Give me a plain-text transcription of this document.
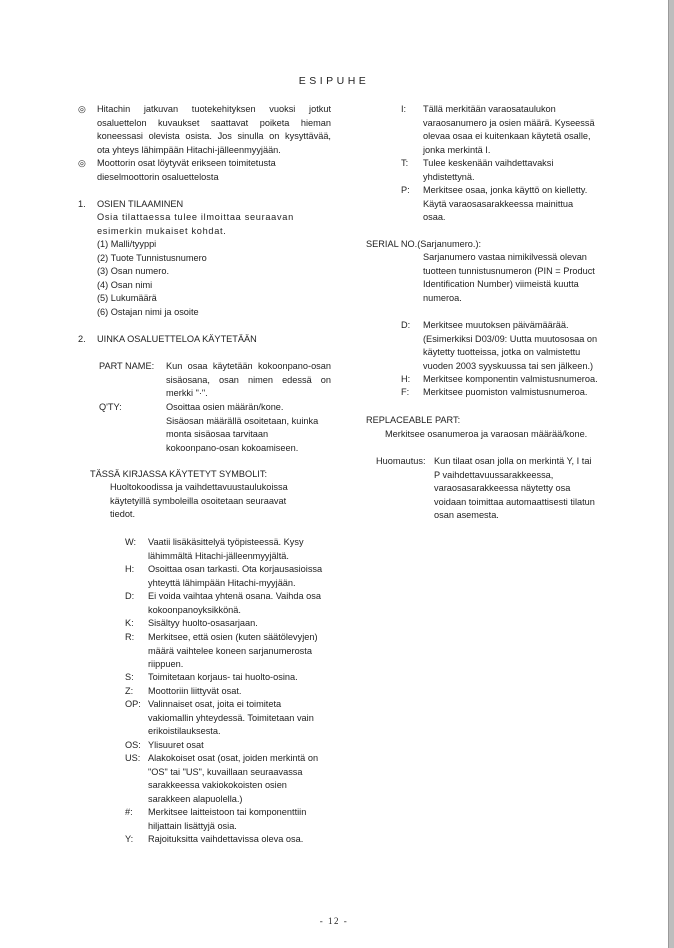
ESIPUHE
◎ Hitachin jatkuvan tuotekehityksen vuoksi jotkut
osaluettelon kuvaukset saattavat poiketa hieman
koneessasi olevista osista. Jos sinulla on kysyttävää,
ota yhteys lähimpään Hitachi-jälleenmyyjään.
◎ Moottorin osat löytyvät erikseen toimitetusta
dieselmoottorin osaluettelosta
1. OSIEN TILAAMINEN
Osia tilattaessa tulee ilmoittaa seuraavan
esimerkin mukaiset kohdat.
(1) Malli/tyyppi
(2) Tuote Tunnistusnumero
(3) Osan numero.
(4) Osan nimi
(5) Lukumäärä
(6) Ostajan nimi ja osoite
2. UINKA OSALUETTELOA KÄYTETÄÄN
PART NAME: Kun osaa käytetään kokoonpano-osan
sisäosana, osan nimen edessä on
merkki "·".
Q'TY:	Osoittaa osien määrän/kone.
Sisäosan määrällä osoitetaan, kuinka
monta sisäosaa tarvitaan
kokoonpano-osan kokoamiseen.
TÄSSÄ KIRJASSA KÄYTETYT SYMBOLIT:
Huoltokoodissa ja vaihdettavuustaulukoissa
käytetyillä symboleilla osoitetaan seuraavat
tiedot.
W: Vaatii lisäkäsittelyä työpisteessä. Kysy
lähimmältä Hitachi-jälleenmyyjältä.
H: Osoittaa osan tarkasti. Ota korjausasioissa
yhteyttä lähimpään Hitachi-myyjään.
D: Ei voida vaihtaa yhtenä osana. Vaihda osa
kokoonpanoyksikkönä.
K: Sisältyy huolto-osasarjaan.
R: Merkitsee, että osien (kuten säätölevyjen)
määrä vaihtelee koneen sarjanumerosta
riippuen.
S: Toimitetaan korjaus- tai huolto-osina.
Z: Moottoriin liittyvät osat.
OP: Valinnaiset osat, joita ei toimiteta
vakiomallin yhteydessä. Toimitetaan vain
erikoistilauksesta.
OS: Ylisuuret osat
US: Alakokoiset osat (osat, joiden merkintä on
"OS" tai "US", kuvaillaan seuraavassa
sarakkeessa vakiokokoisten osien
sarakkeen alapuolella.)
#: Merkitsee laitteistoon tai komponenttiin
hiljattain lisättyjä osia.
Y: Rajoituksitta vaihdettavissa oleva osa.
I: Tällä merkitään varaosataulukon
varaosanumero ja osien määrä. Kyseessä
olevaa osaa ei kuitenkaan käytetä osalle,
jonka merkintä I.
T: Tulee keskenään vaihdettavaksi
yhdistettynä.
P: Merkitsee osaa, jonka käyttö on kielletty.
Käytä varaosasarakkeessa mainittua
osaa.
SERIAL NO.(Sarjanumero.):
Sarjanumero vastaa nimikilvessä olevan
tuotteen tunnistusnumeron (PIN = Product
Identification Number) viimeistä kuutta
numeroa.
D: Merkitsee muutoksen päivämäärää.
(Esimerkiksi D03/09: Uutta muutososaa on
käytetty tuotteissa, jotka on valmistettu
vuoden 2003 syyskuussa tai sen jälkeen.)
H: Merkitsee komponentin valmistusnumeroa.
F: Merkitsee puomiston valmistusnumeroa.
REPLACEABLE PART:
Merkitsee osanumeroa ja varaosan määrää/kone.
Huomautus: Kun tilaat osan jolla on merkintä Y, I tai
P vaihdettavuussarakkeessa,
varaosasarakkeessa näytetty osa
voidaan toimittaa automaattisesti tilatun
osan asemesta.
- 12 -
